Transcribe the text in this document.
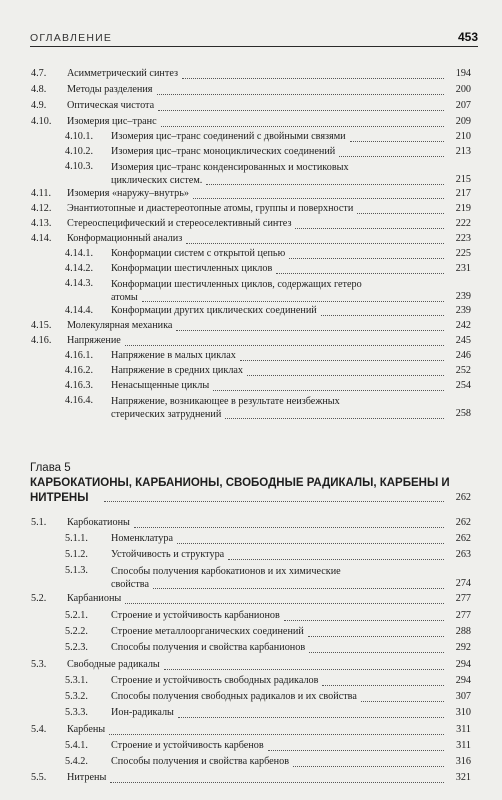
ОГЛАВЛЕНИЕ	453
4.7. Асимметрический синтез	194
4.8. Методы разделения	200
4.9. Оптическая чистота	207
4.10. Изомерия цис–транс	209
4.10.1. Изомерия цис–транс соединений с двойными связями	210
4.10.2. Изомерия цис–транс моноциклических соединений	213
4.10.3. Изомерия цис–транс конденсированных и мостиковых
циклических систем.	215
4.11. Изомерия «наружу–внутрь»	217
4.12. Энантиотопные и диастереотопные атомы, группы и поверхности	219
4.13. Стереоспецифический и стереоселективный синтез	222
4.14. Конформационный анализ	223
4.14.1. Конформации систем с открытой цепью	225
4.14.2. Конформации шестичленных циклов	231
4.14.3. Конформации шестичленных циклов, содержащих гетеро
атомы	239
4.14.4. Конформации других циклических соединений	239
4.15. Молекулярная механика	242
4.16. Напряжение	245
4.16.1. Напряжение в малых циклах	246
4.16.2. Напряжение в средних циклах	252
4.16.3. Ненасыщенные циклы	254
4.16.4. Напряжение, возникающее в результате неизбежных
стерических затруднений	258
Глава 5
КАРБОКАТИОНЫ, КАРБАНИОНЫ, СВОБОДНЫЕ РАДИКАЛЫ, КАРБЕНЫ И НИТРЕНЫ	262
5.1. Карбокатионы	262
5.1.1. Номенклатура	262
5.1.2. Устойчивость и структура	263
5.1.3. Способы получения карбокатионов и их химические
свойства	274
5.2. Карбанионы	277
5.2.1. Строение и устойчивость карбанионов	277
5.2.2. Строение металлоорганических соединений	288
5.2.3. Способы получения и свойства карбанионов	292
5.3. Свободные радикалы	294
5.3.1. Строение и устойчивость свободных радикалов	294
5.3.2. Способы получения свободных радикалов и их свойства	307
5.3.3. Ион-радикалы	310
5.4. Карбены	311
5.4.1. Строение и устойчивость карбенов	311
5.4.2. Способы получения и свойства карбенов	316
5.5. Нитрены	321
